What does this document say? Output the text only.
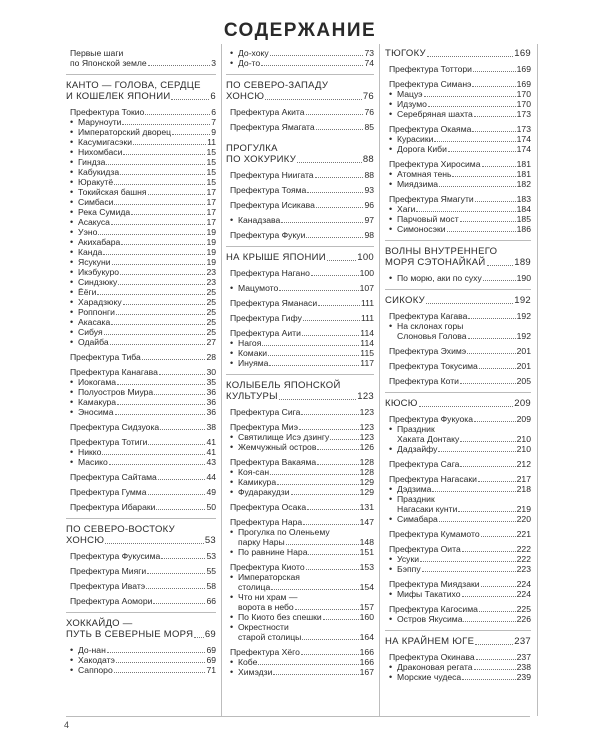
СОДЕРЖАНИЕ
Первые шаги
по Японской земле	3
КАНТО — ГОЛОВА, СЕРДЦЕ
И КОШЕЛЕК ЯПОНИИ	6
Префектура Токио	6
• Маруноути	7
• Императорский дворец	9
• Касумигасэки	11
• Нихомбаси	15
• Гиндза	15
• Кабукидза	15
• Юракутё	15
• Токийская башня	17
• Симбаси	17
• Река Сумида	17
• Асакуса	17
• Уэно	19
• Акихабара	19
• Канда	19
• Ясукуни	19
• Икэбукуро	23
• Синдзюку	23
• Ёёги	25
• Харадзюку	25
• Роппонги	25
• Акасака	25
• Сибуя	25
• Одайба	27
Префектура Тиба	28
Префектура Канагава	30
• Иокогама	35
• Полуостров Миура	36
• Камакура	36
• Эносима	36
Префектура Сидзуока	38
Префектура Тотиги	41
• Никко	41
• Масико	43
Префектура Сайтама	44
Префектура Гумма	49
Префектура Ибараки	50
ПО СЕВЕРО-ВОСТОКУ
ХОНСЮ	53
Префектура Фукусима	53
Префектура Мияги	55
Префектура Иватэ	58
Префектура Аомори	66
ХОККАЙДО —
ПУТЬ В СЕВЕРНЫЕ МОРЯ 69
• До-нан	69
• Хакодатэ	69
• Саппоро	71
• До-хоку	73
• До-то	74
ПО СЕВЕРО-ЗАПАДУ
ХОНСЮ	76
Префектура Акита	76
Префектура Ямагата	85
ПРОГУЛКА
ПО ХОКУРИКУ	88
Префектура Ниигата	88
Префектура Тояма	93
Префектура Исикава	96
• Канадзава	97
Префектура Фукуи	98
НА КРЫШЕ ЯПОНИИ	100
Префектура Нагано	100
• Мацумото	107
Префектура Яманаси	111
Префектура Гифу	111
Префектура Аити	114
• Нагоя	114
• Комаки	115
• Инуяма	117
КОЛЫБЕЛЬ ЯПОНСКОЙ
КУЛЬТУРЫ	123
Префектура Сига	123
Префектура Миэ	123
• Святилище Исэ дзингу	123
• Жемчужный остров	126
Префектура Вакаяма	128
• Коя-сан	128
• Камикура	129
• Фударакудзи	129
Префектура Осака	131
Префектура Нара	147
• Прогулка по Оленьему
парку Нары	148
• По равнине Нара	151
Префектура Киото	153
• Императорская
столица	154
• Что ни храм —
ворота в небо	157
• По Киото без спешки	160
• Окрестности
старой столицы	164
Префектура Хёго	166
• Кобе	166
• Химэдзи	167
ТЮГОКУ	169
Префектура Тоттори	169
Префектура Симанэ	169
• Мацуэ	170
• Идзумо	170
• Серебряная шахта	173
Префектура Окаяма	173
• Курасики	174
• Дорога Киби	174
Префектура Хиросима	181
• Атомная тень	181
• Миядзима	182
Префектура Ямагути	183
• Хаги	184
• Парчовый мост	185
• Симоносэки	186
ВОЛНЫ ВНУТРЕННЕГО
МОРЯ СЭТОНАЙКАЙ	189
• По морю, аки по суху	190
СИКОКУ	192
Префектура Кагава	192
• На склонах горы
Слоновья Голова	192
Префектура Эхимэ	201
Префектура Токусима	201
Префектура Коти	205
КЮСЮ	209
Префектура Фукуока	209
• Праздник
Хаката Донтаку	210
• Дадзайфу	210
Префектура Сага	212
Префектура Нагасаки	217
• Дэдзима	218
• Праздник
Нагасаки кунти	219
• Симабара	220
Префектура Кумамото	221
Префектура Оита	222
• Усуки	222
• Бэппу	223
Префектура Миядзаки	224
• Мифы Такатихо	224
Префектура Кагосима	225
• Остров Якусима	226
НА КРАЙНЕМ ЮГЕ	237
Префектура Окинава	237
• Драконовая регата	238
• Морские чудеса	239
4
